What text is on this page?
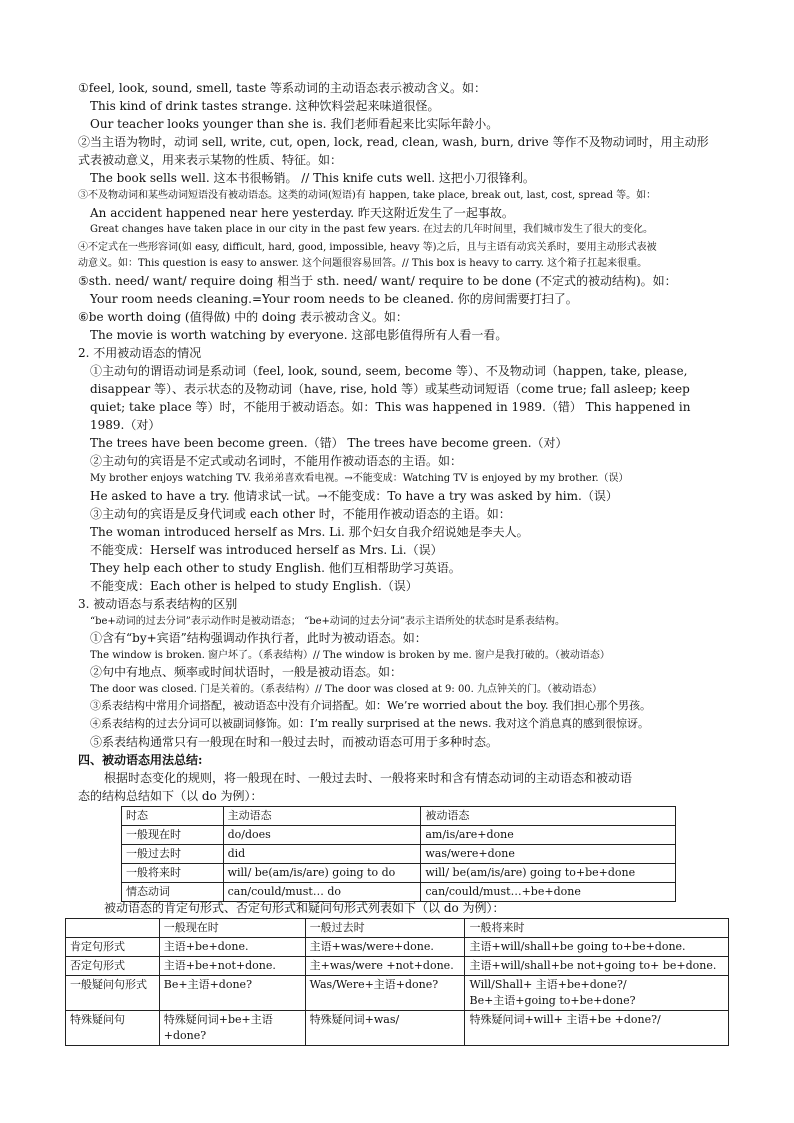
①feel, look, sound, smell, taste 等系动词的主动语态表示被动含义。如：
This kind of drink tastes strange. 这种饮料尝起来味道很怪。
Our teacher looks younger than she is. 我们老师看起来比实际年龄小。
②当主语为物时，动词 sell, write, cut, open, lock, read, clean, wash, burn, drive 等作不及物动词时，用主动形
式表被动意义，用来表示某物的性质、特征。如：
The book sells well. 这本书很畅销。 // This knife cuts well. 这把小刀很锋利。
③不及物动词和某些动词短语没有被动语态。这类的动词(短语)有 happen, take place, break out, last, cost, spread 等。如：
An accident happened near here yesterday. 昨天这附近发生了一起事故。
Great changes have taken place in our city in the past few years. 在过去的几年时间里，我们城市发生了很大的变化。
④不定式在一些形容词(如 easy, difficult, hard, good, impossible, heavy 等)之后，且与主语有动宾关系时，要用主动形式表被
动意义。如：This question is easy to answer. 这个问题很容易回答。// This box is heavy to carry. 这个箱子扛起来很重。
⑤sth. need/ want/ require doing 相当于 sth. need/ want/ require to be done (不定式的被动结构)。如：
Your room needs cleaning.=Your room needs to be cleaned. 你的房间需要打扫了。
⑥be worth doing (值得做) 中的 doing 表示被动含义。如：
The movie is worth watching by everyone. 这部电影值得所有人看一看。
2. 不用被动语态的情况
①主动句的谓语动词是系动词（feel, look, sound, seem, become 等）、不及物动词（happen, take, please,
disappear 等）、表示状态的及物动词（have, rise, hold 等）或某些动词短语（come true; fall asleep; keep
quiet; take place 等）时，不能用于被动语态。如：This was happened in 1989.（错） This happened in
1989.（对）
The trees have been become green.（错） The trees have become green.（对）
②主动句的宾语是不定式或动名词时，不能用作被动语态的主语。如：
My brother enjoys watching TV. 我弟弟喜欢看电视。→不能变成：Watching TV is enjoyed by my brother.（误）
He asked to have a try. 他请求试一试。→不能变成：To have a try was asked by him.（误）
③主动句的宾语是反身代词或 each other 时，不能用作被动语态的主语。如：
The woman introduced herself as Mrs. Li. 那个妇女自我介绍说她是李夫人。
不能变成：Herself was introduced herself as Mrs. Li.（误）
They help each other to study English. 他们互相帮助学习英语。
不能变成：Each other is helped to study English.（误）
3. 被动语态与系表结构的区别
“be+动词的过去分词”表示动作时是被动语态； “be+动词的过去分词”表示主语所处的状态时是系表结构。
①含有“by+宾语”结构强调动作执行者，此时为被动语态。如：
The window is broken. 窗户坏了。（系表结构）// The window is broken by me. 窗户是我打破的。（被动语态）
②句中有地点、频率或时间状语时，一般是被动语态。如：
The door was closed. 门是关着的。（系表结构）// The door was closed at 9: 00. 九点钟关的门。（被动语态）
③系表结构中常用介词搭配，被动语态中没有介词搭配。如：We’re worried about the boy. 我们担心那个男孩。
④系表结构的过去分词可以被副词修饰。如：I’m really surprised at the news. 我对这个消息真的感到很惊讶。
⑤系表结构通常只有一般现在时和一般过去时，而被动语态可用于多种时态。
四、被动语态用法总结:
根据时态变化的规则，将一般现在时、一般过去时、一般将来时和含有情态动词的主动语态和被动语
态的结构总结如下（以 do 为例）：
时态	主动语态	被动语态
一般现在时	do/does	am/is/are+done
一般过去时	did	was/were+done
一般将来时	will/ be(am/is/are) going to do	will/ be(am/is/are) going to+be+done
情态动词	can/could/must… do	can/could/must…+be+done
被动语态的肯定句形式、否定句形式和疑问句形式列表如下（以 do 为例）：
	一般现在时	一般过去时	一般将来时
肯定句形式	主语+be+done.	主语+was/were+done.	主语+will/shall+be going to+be+done.
否定句形式	主语+be+not+done.	主+was/were +not+done.	主语+will/shall+be not+going to+ be+done.
一般疑问句形式	Be+主语+done?	Was/Were+主语+done?	Will/Shall+ 主语+be+done?/
Be+主语+going to+be+done?

特殊疑问句	特殊疑问词+be+主语+done?	特殊疑问词+was/	特殊疑问词+will+ 主语+be +done?/
